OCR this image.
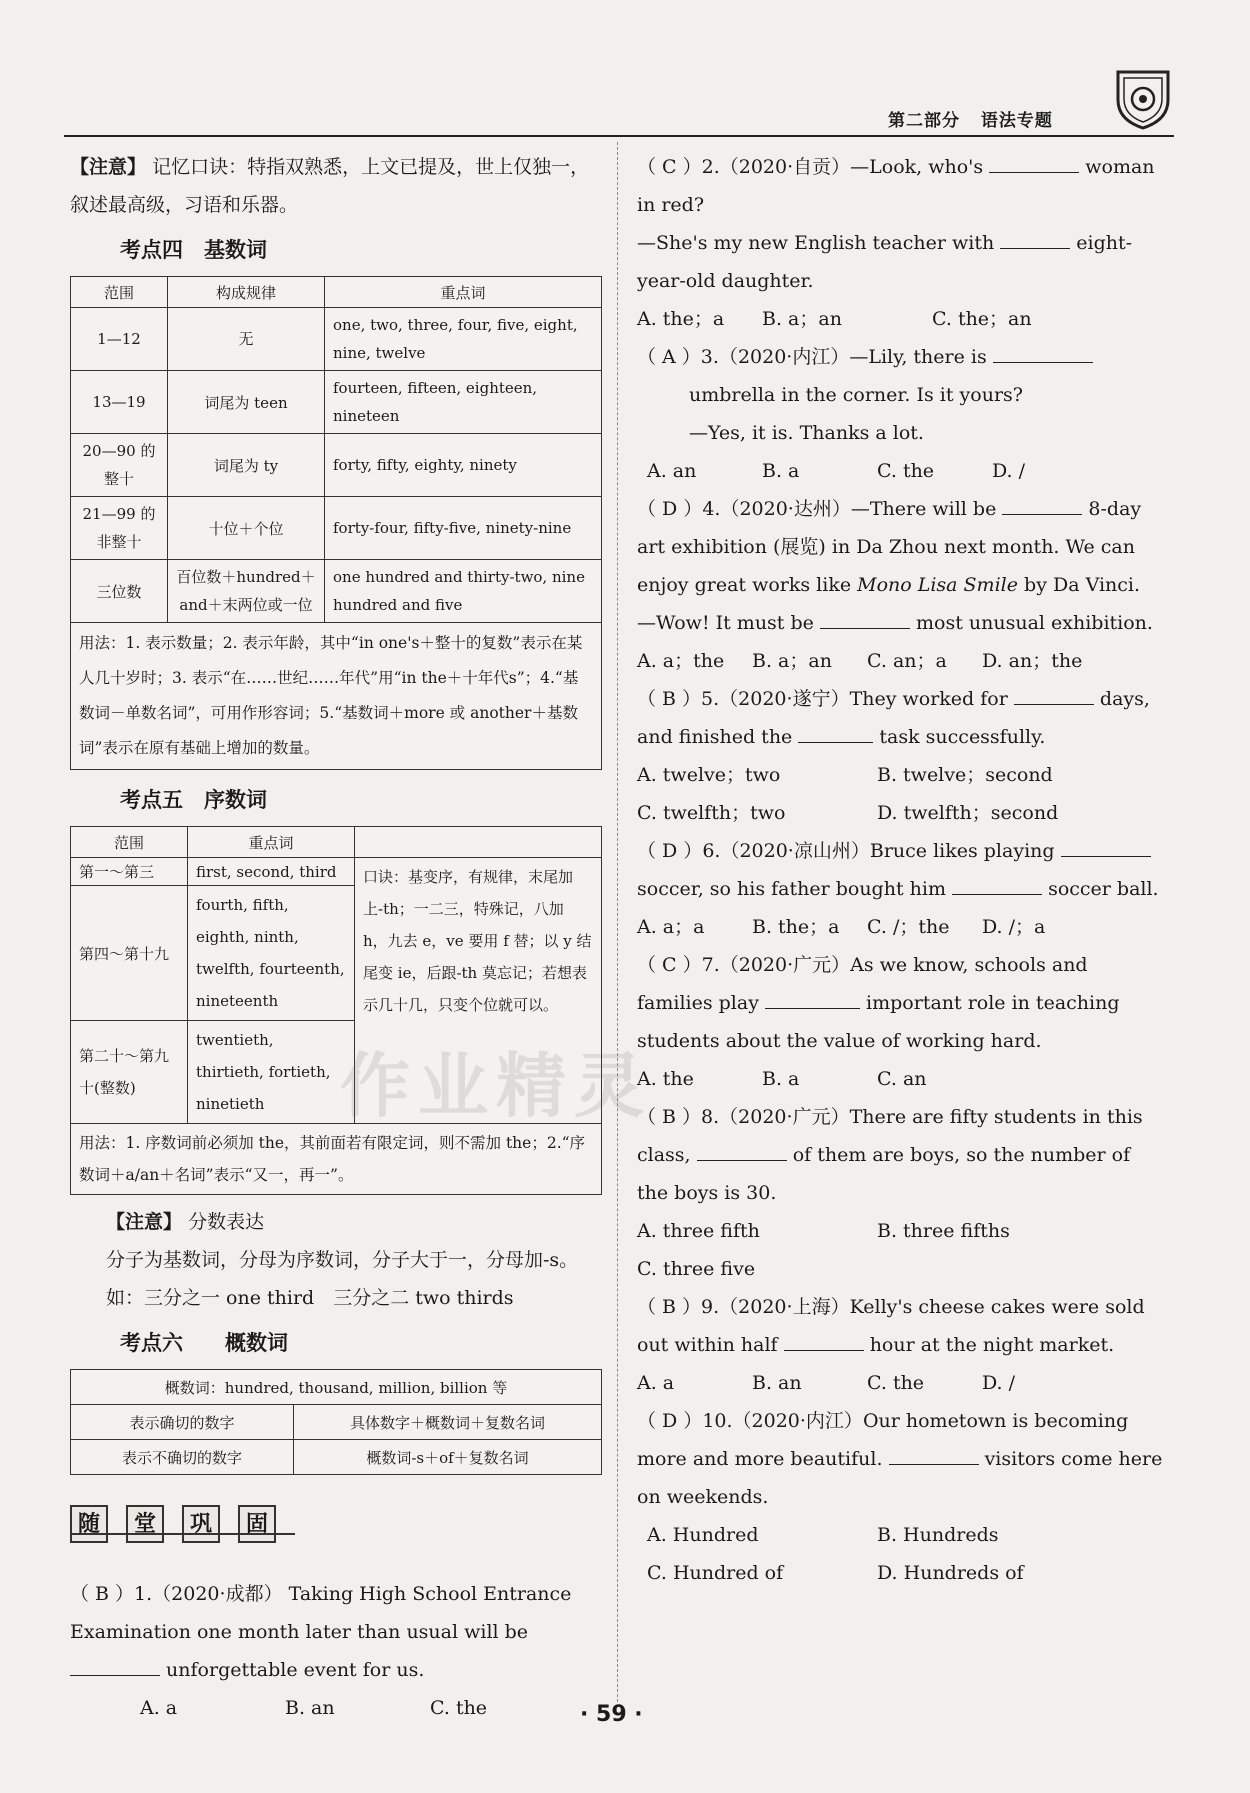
第二部分 语法专题
【注意】 记忆口诀：特指双熟悉，上文已提及，世上仅独一，叙述最高级，习语和乐器。
考点四　基数词
范围	构成规律	重点词
1—12	无	one, two, three, four, five, eight, nine, twelve
13—19	词尾为 teen	fourteen, fifteen, eighteen, nineteen
20—90 的整十	词尾为 ty	forty, fifty, eighty, ninety
21—99 的非整十	十位＋个位	forty-four, fifty-five, ninety-nine
三位数	百位数＋hundred＋and＋末两位或一位	one hundred and thirty-two, nine hundred and five
用法：1. 表示数量；2. 表示年龄，其中“in one's＋整十的复数”表示在某人几十岁时；3. 表示“在……世纪……年代”用“in the＋十年代s”；4.“基数词－单数名词”，可用作形容词；5.“基数词＋more 或 another＋基数词”表示在原有基础上增加的数量。		
考点五　序数词
范围	重点词	
第一～第三	first, second, third	口诀：基变序，有规律，末尾加上-th；一二三，特殊记，八加 h，九去 e，ve 要用 f 替；以 y 结尾变 ie，后跟-th 莫忘记；若想表示几十几，只变个位就可以。
第四～第十九	fourth, fifth, eighth, ninth, twelfth, fourteenth, nineteenth	
第二十～第九十(整数)	twentieth, thirtieth, fortieth, ninetieth	
用法：1. 序数词前必须加 the，其前面若有限定词，则不需加 the；2.“序数词＋a/an＋名词”表示“又一，再一”。		
【注意】 分数表达
分子为基数词，分母为序数词，分子大于一，分母加-s。
如：三分之一 one third　三分之二 two thirds
考点六　　概数词
概数词：hundred, thousand, million, billion 等	
表示确切的数字	具体数字＋概数词＋复数名词
表示不确切的数字	概数词-s＋of＋复数名词
随 堂 巩 固
（ B ）1.（2020·成都） Taking High School Entrance Examination one month later than usual will be  unforgettable event for us.
A. a	B. an	C. the
（ C ）2.（2020·自贡）—Look, who's	woman in red?
—She's my new English teacher with	eight-year-old daughter.
A. the；a	B. a；an	C. the；an
（ A ）3.（2020·内江）—Lily, there is
umbrella in the corner. Is it yours?
—Yes, it is. Thanks a lot.
A. an	B. a	C. the	D. /
（ D ）4.（2020·达州）—There will be	8-day art exhibition (展览) in Da Zhou next month. We can enjoy great works like Mono Lisa Smile by Da Vinci.
—Wow! It must be	most unusual exhibition.
A. a；the	B. a；an	C. an；a	D. an；the
（ B ）5.（2020·遂宁）They worked for	days, and finished the	task successfully.
A. twelve；two	B. twelve；second
C. twelfth；two	D. twelfth；second
（ D ）6.（2020·凉山州）Bruce likes playing  soccer, so his father bought him	soccer ball.
A. a；a	B. the；a	C. /；the	D. /；a
（ C ）7.（2020·广元）As we know, schools and families play	important role in teaching students about the value of working hard.
A. the	B. a	C. an
（ B ）8.（2020·广元）There are fifty students in this class,	of them are boys, so the number of the boys is 30.
A. three fifth	B. three fifths
C. three five
（ B ）9.（2020·上海）Kelly's cheese cakes were sold out within half	hour at the night market.
A. a	B. an	C. the	D. /
（ D ）10.（2020·内江）Our hometown is becoming more and more beautiful.	visitors come here on weekends.
A. Hundred	B. Hundreds
C. Hundred of	D. Hundreds of
作业精灵
· 59 ·
